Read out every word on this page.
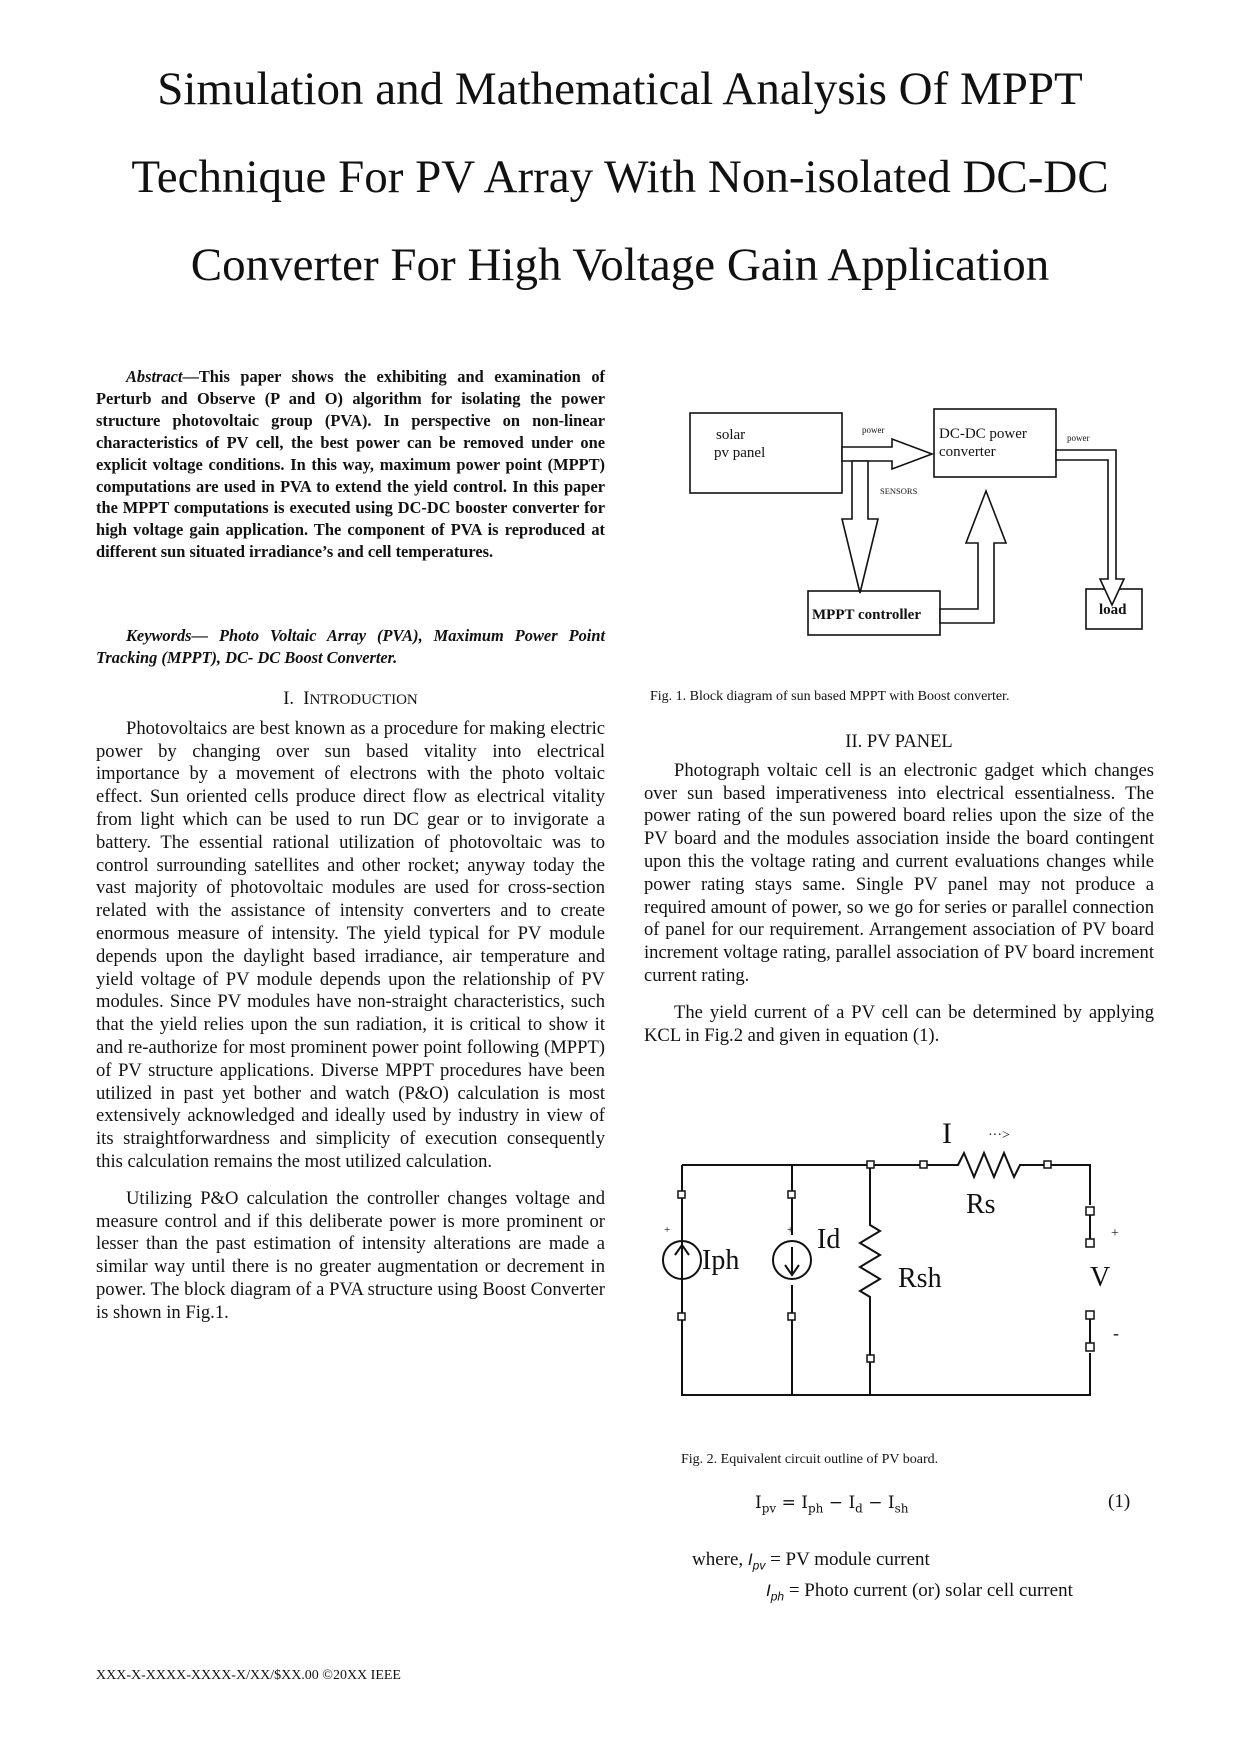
Simulation and Mathematical Analysis Of MPPT
Technique For PV Array With Non-isolated DC-DC
Converter For High Voltage Gain Application
Abstract—This paper shows the exhibiting and examination of Perturb and Observe (P and O) algorithm for isolating the power structure photovoltaic group (PVA). In perspective on non-linear characteristics of PV cell, the best power can be removed under one explicit voltage conditions. In this way, maximum power point (MPPT) computations are used in PVA to extend the yield control. In this paper the MPPT computations is executed using DC-DC booster converter for high voltage gain application. The component of PVA is reproduced at different sun situated irradiance’s and cell temperatures.
Keywords— Photo Voltaic Array (PVA), Maximum Power Point Tracking (MPPT), DC- DC Boost Converter.
I. INTRODUCTION

Photovoltaics are best known as a procedure for making electric power by changing over sun based vitality into electrical importance by a movement of electrons with the photo voltaic effect. Sun oriented cells produce direct flow as electrical vitality from light which can be used to run DC gear or to invigorate a battery. The essential rational utilization of photovoltaic was to control surrounding satellites and other rocket; anyway today the vast majority of photovoltaic modules are used for cross-section related with the assistance of intensity converters and to create enormous measure of intensity. The yield typical for PV module depends upon the daylight based irradiance, air temperature and yield voltage of PV module depends upon the relationship of PV modules. Since PV modules have non-straight characteristics, such that the yield relies upon the sun radiation, it is critical to show it and re-authorize for most prominent power point following (MPPT) of PV structure applications. Diverse MPPT procedures have been utilized in past yet bother and watch (P&O) calculation is most extensively acknowledged and ideally used by industry in view of its straightforwardness and simplicity of execution consequently this calculation remains the most utilized calculation.

Utilizing P&O calculation the controller changes voltage and measure control and if this deliberate power is more prominent or lesser than the past estimation of intensity alterations are made a similar way until there is no greater augmentation or decrement in power. The block diagram of a PVA structure using Boost Converter is shown in Fig.1.

solar
pv panel
power	DC-DC power
converter
power
SENSORS
MPPT controller	load
Fig. 1. Block diagram of sun based MPPT with Boost converter.
II. PV PANEL

Photograph voltaic cell is an electronic gadget which changes over sun based imperativeness into electrical essentialness. The power rating of the sun powered board relies upon the size of the PV board and the modules association inside the board contingent upon this the voltage rating and current evaluations changes while power rating stays same. Single PV panel may not produce a required amount of power, so we go for series or parallel connection of panel for our requirement. Arrangement association of PV board increment voltage rating, parallel association of PV board increment current rating.

The yield current of a PV cell can be determined by applying KCL in Fig.2 and given in equation (1).

I	···>
Rs
Iph
Id
Rsh	V
+
-
+	+
Fig. 2. Equivalent circuit outline of PV board.
$I_{pv} = I_{ph} - I_d - I_{sh}$	(1)
where, $I_{pv}$ = PV module current
$I_{ph}$ = Photo current (or) solar cell current
XXX-X-XXXX-XXXX-X/XX/$XX.00 ©20XX IEEE
